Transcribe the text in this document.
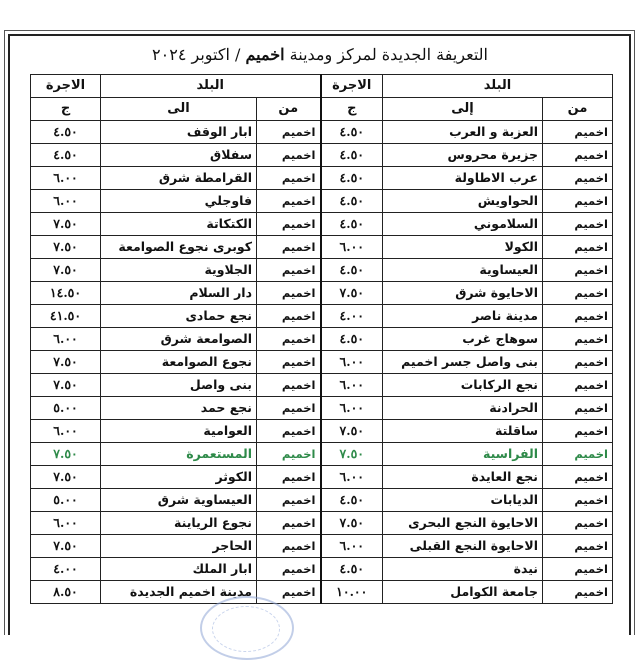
التعريفة الجديدة لمركز ومدينة اخميم / اكتوبر ٢٠٢٤
البلد		الاجرة	البلد		الاجرة
من	إلى	ج	من	الى	ج
اخميم	العزبة و العرب	٤.٥٠	اخميم	ابار الوقف	٤.٥٠
اخميم	جزيرة محروس	٤.٥٠	اخميم	سفلاق	٤.٥٠
اخميم	عرب الاطاولة	٤.٥٠	اخميم	القرامطة شرق	٦.٠٠
اخميم	الحواويش	٤.٥٠	اخميم	فاوجلي	٦.٠٠
اخميم	السلاموني	٤.٥٠	اخميم	الكتكاتة	٧.٥٠
اخميم	الكولا	٦.٠٠	اخميم	كوبرى نجوع الصوامعة	٧.٥٠
اخميم	العيساوية	٤.٥٠	اخميم	الجلاوية	٧.٥٠
اخميم	الاحايوة شرق	٧.٥٠	اخميم	دار السلام	١٤.٥٠
اخميم	مدينة ناصر	٤.٠٠	اخميم	نجع حمادى	٤١.٥٠
اخميم	سوهاج غرب	٤.٥٠	اخميم	الصوامعة شرق	٦.٠٠
اخميم	بنى واصل جسر اخميم	٦.٠٠	اخميم	نجوع الصوامعة	٧.٥٠
اخميم	نجع الركابات	٦.٠٠	اخميم	بنى واصل	٧.٥٠
اخميم	الحرادنة	٦.٠٠	اخميم	نجع حمد	٥.٠٠
اخميم	ساقلتة	٧.٥٠	اخميم	العوامية	٦.٠٠
اخميم	الفراسية	٧.٥٠	اخميم	المستعمرة	٧.٥٠
اخميم	نجع العايدة	٦.٠٠	اخميم	الكوثر	٧.٥٠
اخميم	الديابات	٤.٥٠	اخميم	العيساوية شرق	٥.٠٠
اخميم	الاحايوة النجع البحرى	٧.٥٠	اخميم	نجوع الرياينة	٦.٠٠
اخميم	الاحايوة النجع القبلى	٦.٠٠	اخميم	الحاجر	٧.٥٠
اخميم	نيدة	٤.٥٠	اخميم	ابار الملك	٤.٠٠
اخميم	جامعة الكوامل	١٠.٠٠	اخميم	مدينة اخميم الجديدة	٨.٥٠
